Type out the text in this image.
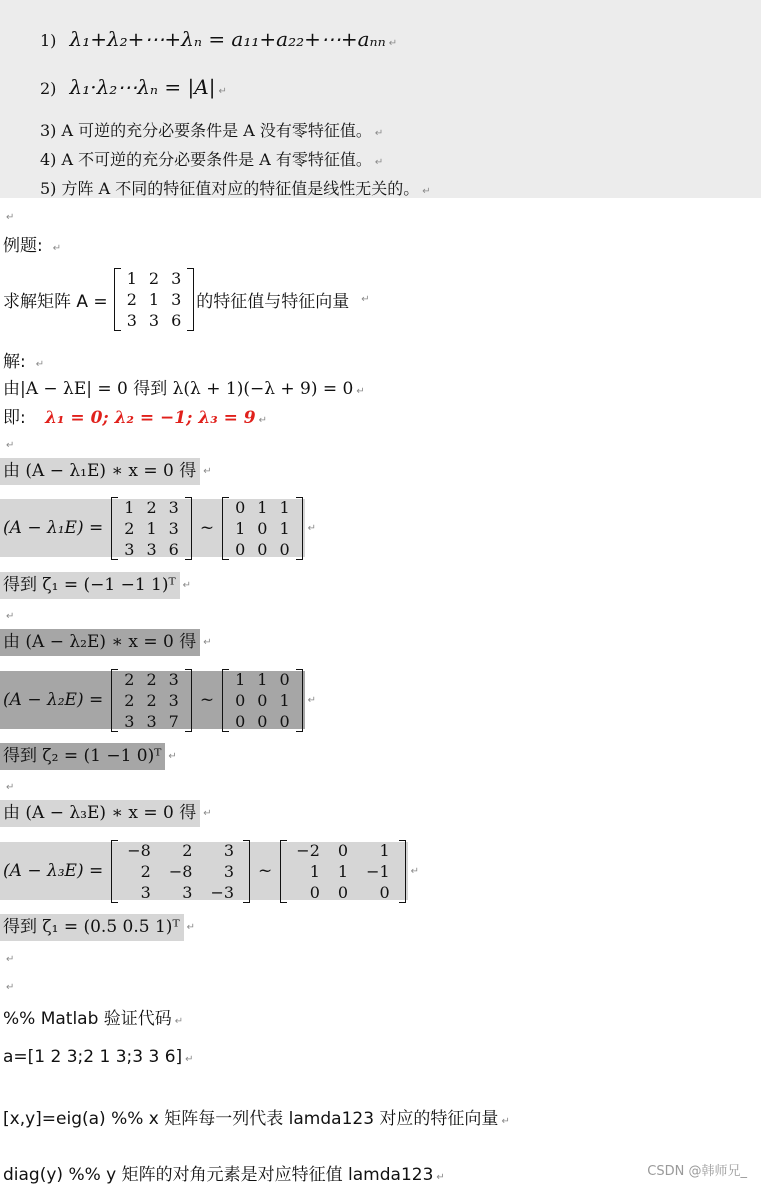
1) λ₁+λ₂+⋯+λₙ = a₁₁+a₂₂+⋯+aₙₙ ↵
2) λ₁·λ₂⋯λₙ = |A| ↵
3) A 可逆的充分必要条件是 A 没有零特征值。 ↵
4) A 不可逆的充分必要条件是 A 有零特征值。 ↵
5) 方阵 A 不同的特征值对应的特征值是线性无关的。 ↵
↵
例题: ↵
求解矩阵 A =
1	2	3
2	1	3
3	3	6
的特征值与特征向量 ↵
解: ↵
由|A − λE| = 0 得到 λ(λ + 1)(−λ + 9) = 0 ↵
即: λ₁ = 0; λ₂ = −1; λ₃ = 9 ↵
↵
由 (A − λ₁E) ∗ x = 0 得 ↵
(A − λ₁E) =
1	2	3
2	1	3
3	3	6
~
0	1	1
1	0	1
0	0	0
↵
得到 ζ₁ = (−1 −1 1)ᵀ ↵
↵
由 (A − λ₂E) ∗ x = 0 得 ↵
(A − λ₂E) =
2	2	3
2	2	3
3	3	7
~
1	1	0
0	0	1
0	0	0
↵
得到 ζ₂ = (1 −1 0)ᵀ ↵
↵
由 (A − λ₃E) ∗ x = 0 得 ↵
(A − λ₃E) =
−8	2	3
2	−8	3
3	3	−3
~
−2	0	1
1	1	−1
0	0	0
↵
得到 ζ₁ = (0.5 0.5 1)ᵀ ↵
↵
↵
%% Matlab 验证代码 ↵
a=[1 2 3;2 1 3;3 3 6] ↵
[x,y]=eig(a) %% x 矩阵每一列代表 lamda123 对应的特征向量 ↵
diag(y) %% y 矩阵的对角元素是对应特征值 lamda123 ↵	CSDN @韩师兄_
